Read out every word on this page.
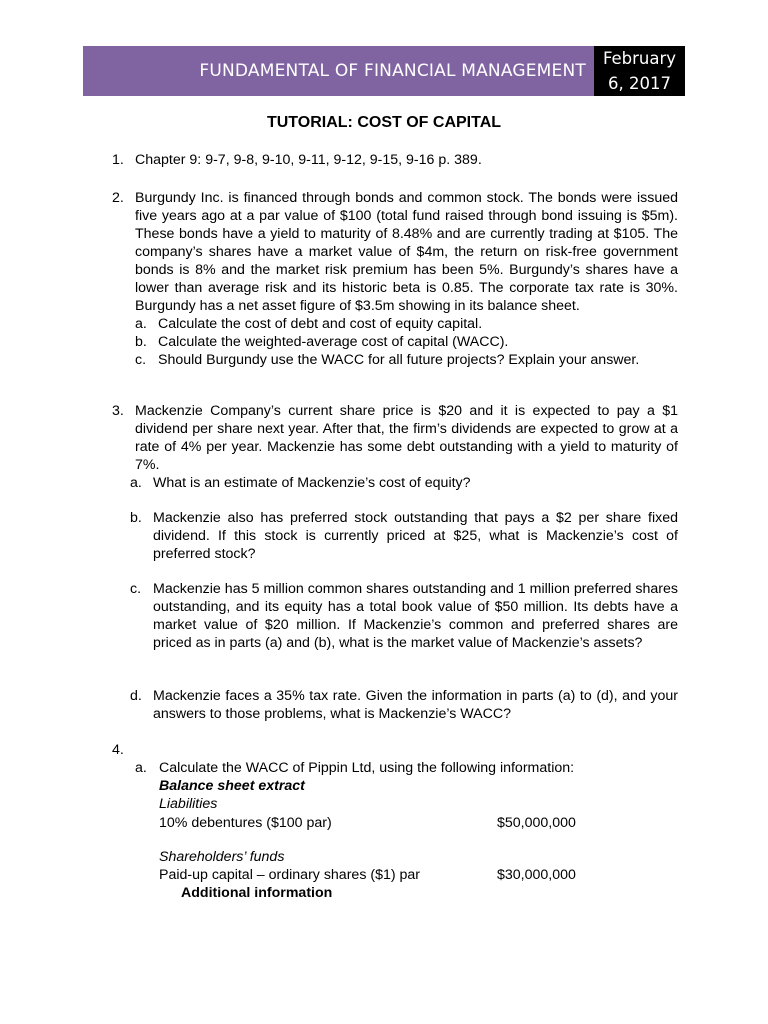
FUNDAMENTAL OF FINANCIAL MANAGEMENT
February
6, 2017
TUTORIAL: COST OF CAPITAL
1. Chapter 9: 9-7, 9-8, 9-10, 9-11, 9-12, 9-15, 9-16 p. 389.
2. Burgundy Inc. is financed through bonds and common stock. The bonds were issued five years ago at a par value of $100 (total fund raised through bond issuing is $5m). These bonds have a yield to maturity of 8.48% and are currently trading at $105. The company’s shares have a market value of $4m, the return on risk-free government bonds is 8% and the market risk premium has been 5%. Burgundy’s shares have a lower than average risk and its historic beta is 0.85. The corporate tax rate is 30%. Burgundy has a net asset figure of $3.5m showing in its balance sheet.
a. Calculate the cost of debt and cost of equity capital.
b. Calculate the weighted-average cost of capital (WACC).
c. Should Burgundy use the WACC for all future projects? Explain your answer.
3. Mackenzie Company’s current share price is $20 and it is expected to pay a $1 dividend per share next year. After that, the firm’s dividends are expected to grow at a rate of 4% per year. Mackenzie has some debt outstanding with a yield to maturity of 7%.
a. What is an estimate of Mackenzie’s cost of equity?
b. Mackenzie also has preferred stock outstanding that pays a $2 per share fixed dividend. If this stock is currently priced at $25, what is Mackenzie’s cost of preferred stock?
c. Mackenzie has 5 million common shares outstanding and 1 million preferred shares outstanding, and its equity has a total book value of $50 million. Its debts have a market value of $20 million. If Mackenzie’s common and preferred shares are priced as in parts (a) and (b), what is the market value of Mackenzie’s assets?
d. Mackenzie faces a 35% tax rate. Given the information in parts (a) to (d), and your answers to those problems, what is Mackenzie’s WACC?
4.
a. Calculate the WACC of Pippin Ltd, using the following information:
Balance sheet extract
Liabilities
10% debentures ($100 par)	$50,000,000
Shareholders’ funds
Paid-up capital – ordinary shares ($1) par	$30,000,000
Additional information
